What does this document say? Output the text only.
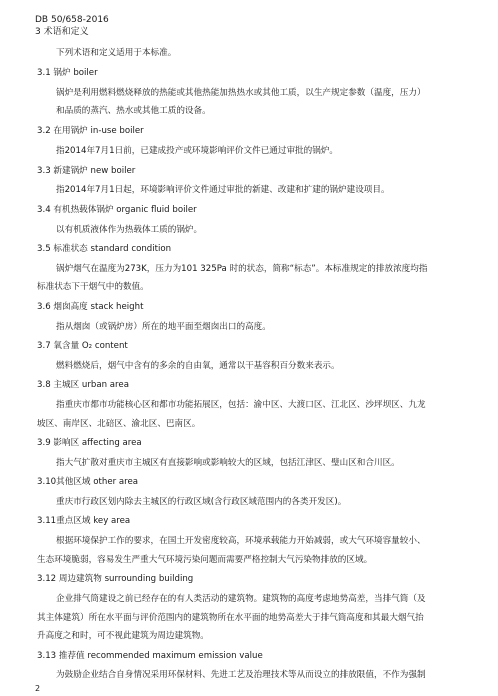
DB 50/658-2016
3 术语和定义
下列术语和定义适用于本标准。
3.1 锅炉 boiler
锅炉是利用燃料燃烧释放的热能或其他热能加热热水或其他工质，以生产规定参数（温度，压力）
和品质的蒸汽、热水或其他工质的设备。
3.2 在用锅炉 in-use boiler
指2014年7月1日前，已建成投产或环境影响评价文件已通过审批的锅炉。
3.3 新建锅炉 new boiler
指2014年7月1日起，环境影响评价文件通过审批的新建、改建和扩建的锅炉建设项目。
3.4 有机热载体锅炉 organic fluid boiler
以有机质液体作为热载体工质的锅炉。
3.5 标准状态 standard condition
锅炉烟气在温度为273K，压力为101 325Pa 时的状态，简称“标态”。本标准规定的排放浓度均指
标准状态下干烟气中的数值。
3.6 烟囱高度 stack height
指从烟囱（或锅炉房）所在的地平面至烟囱出口的高度。
3.7 氧含量 O₂ content
燃料燃烧后，烟气中含有的多余的自由氧，通常以干基容积百分数来表示。
3.8 主城区 urban area
指重庆市都市功能核心区和都市功能拓展区，包括：渝中区、大渡口区、江北区、沙坪坝区、九龙
坡区、南岸区、北碚区、渝北区、巴南区。
3.9 影响区 affecting area
指大气扩散对重庆市主城区有直接影响或影响较大的区域，包括江津区、璧山区和合川区。
3.10其他区域 other area
重庆市行政区划内除去主城区的行政区域(含行政区域范围内的各类开发区)。
3.11重点区域 key area
根据环境保护工作的要求，在国土开发密度较高，环境承载能力开始减弱，或大气环境容量较小、
生态环境脆弱，容易发生严重大气环境污染问题而需要严格控制大气污染物排放的区域。
3.12 周边建筑物 surrounding building
企业排气筒建设之前已经存在的有人类活动的建筑物。建筑物的高度考虑地势高差，当排气筒（及
其主体建筑）所在水平面与评价范围内的建筑物所在水平面的地势高差大于排气筒高度和其最大烟气抬
升高度之和时，可不视此建筑为周边建筑物。
3.13 推荐值 recommended maximum emission value
为鼓励企业结合自身情况采用环保材料、先进工艺及治理技术等从而设立的排放限值，不作为强制
2
